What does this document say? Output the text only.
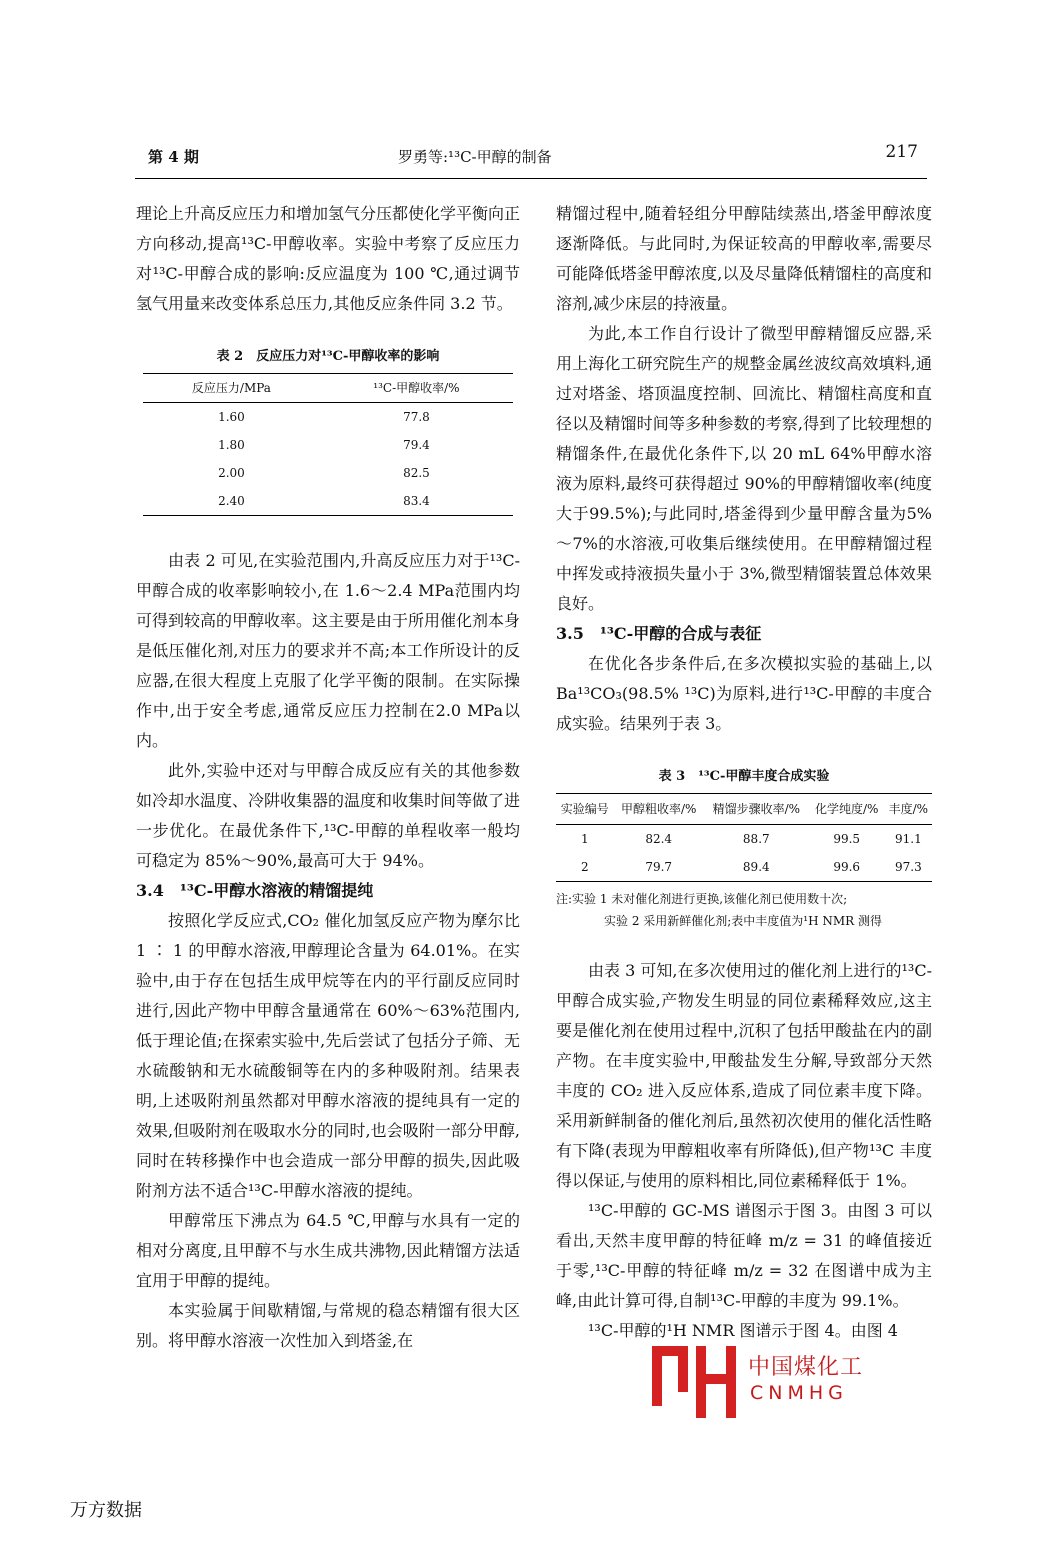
第 4 期	罗勇等:¹³C-甲醇的制备	217

理论上升高反应压力和增加氢气分压都使化学平衡向正方向移动,提高¹³C-甲醇收率。实验中考察了反应压力对¹³C-甲醇合成的影响:反应温度为 100 ℃,通过调节氢气用量来改变体系总压力,其他反应条件同 3.2 节。

表 2　反应压力对¹³C-甲醇收率的影响
反应压力/MPa	¹³C-甲醇收率/%
1.60	77.8
1.80	79.4
2.00	82.5
2.40	83.4

由表 2 可见,在实验范围内,升高反应压力对于¹³C-甲醇合成的收率影响较小,在 1.6～2.4 MPa范围内均可得到较高的甲醇收率。这主要是由于所用催化剂本身是低压催化剂,对压力的要求并不高;本工作所设计的反应器,在很大程度上克服了化学平衡的限制。在实际操作中,出于安全考虑,通常反应压力控制在2.0 MPa以内。

此外,实验中还对与甲醇合成反应有关的其他参数如冷却水温度、冷阱收集器的温度和收集时间等做了进一步优化。在最优条件下,¹³C-甲醇的单程收率一般均可稳定为 85%～90%,最高可大于 94%。

3.4　¹³C-甲醇水溶液的精馏提纯

按照化学反应式,CO₂ 催化加氢反应产物为摩尔比 1 ∶ 1 的甲醇水溶液,甲醇理论含量为 64.01%。在实验中,由于存在包括生成甲烷等在内的平行副反应同时进行,因此产物中甲醇含量通常在 60%～63%范围内,低于理论值;在探索实验中,先后尝试了包括分子筛、无水硫酸钠和无水硫酸铜等在内的多种吸附剂。结果表明,上述吸附剂虽然都对甲醇水溶液的提纯具有一定的效果,但吸附剂在吸取水分的同时,也会吸附一部分甲醇,同时在转移操作中也会造成一部分甲醇的损失,因此吸附剂方法不适合¹³C-甲醇水溶液的提纯。

甲醇常压下沸点为 64.5 ℃,甲醇与水具有一定的相对分离度,且甲醇不与水生成共沸物,因此精馏方法适宜用于甲醇的提纯。

本实验属于间歇精馏,与常规的稳态精馏有很大区别。将甲醇水溶液一次性加入到塔釜,在

精馏过程中,随着轻组分甲醇陆续蒸出,塔釜甲醇浓度逐渐降低。与此同时,为保证较高的甲醇收率,需要尽可能降低塔釜甲醇浓度,以及尽量降低精馏柱的高度和溶剂,减少床层的持液量。

为此,本工作自行设计了微型甲醇精馏反应器,采用上海化工研究院生产的规整金属丝波纹高效填料,通过对塔釜、塔顶温度控制、回流比、精馏柱高度和直径以及精馏时间等多种参数的考察,得到了比较理想的精馏条件,在最优化条件下,以 20 mL 64%甲醇水溶液为原料,最终可获得超过 90%的甲醇精馏收率(纯度大于99.5%);与此同时,塔釜得到少量甲醇含量为5%～7%的水溶液,可收集后继续使用。在甲醇精馏过程中挥发或持液损失量小于 3%,微型精馏装置总体效果良好。

3.5　¹³C-甲醇的合成与表征

在优化各步条件后,在多次模拟实验的基础上,以 Ba¹³CO₃(98.5% ¹³C)为原料,进行¹³C-甲醇的丰度合成实验。结果列于表 3。

表 3　¹³C-甲醇丰度合成实验
实验编号	甲醇粗收率/%	精馏步骤收率/%	化学纯度/%	丰度/%
1	82.4	88.7	99.5	91.1
2	79.7	89.4	99.6	97.3
注:实验 1 未对催化剂进行更换,该催化剂已使用数十次;
实验 2 采用新鲜催化剂;表中丰度值为¹H NMR 测得

由表 3 可知,在多次使用过的催化剂上进行的¹³C-甲醇合成实验,产物发生明显的同位素稀释效应,这主要是催化剂在使用过程中,沉积了包括甲酸盐在内的副产物。在丰度实验中,甲酸盐发生分解,导致部分天然丰度的 CO₂ 进入反应体系,造成了同位素丰度下降。采用新鲜制备的催化剂后,虽然初次使用的催化活性略有下降(表现为甲醇粗收率有所降低),但产物¹³C 丰度得以保证,与使用的原料相比,同位素稀释低于 1%。

¹³C-甲醇的 GC-MS 谱图示于图 3。由图 3 可以看出,天然丰度甲醇的特征峰 m/z = 31 的峰值接近于零,¹³C-甲醇的特征峰 m/z = 32 在图谱中成为主峰,由此计算可得,自制¹³C-甲醇的丰度为 99.1%。

¹³C-甲醇的¹H NMR 图谱示于图 4。由图 4

中国煤化工
CNMHG
万方数据
